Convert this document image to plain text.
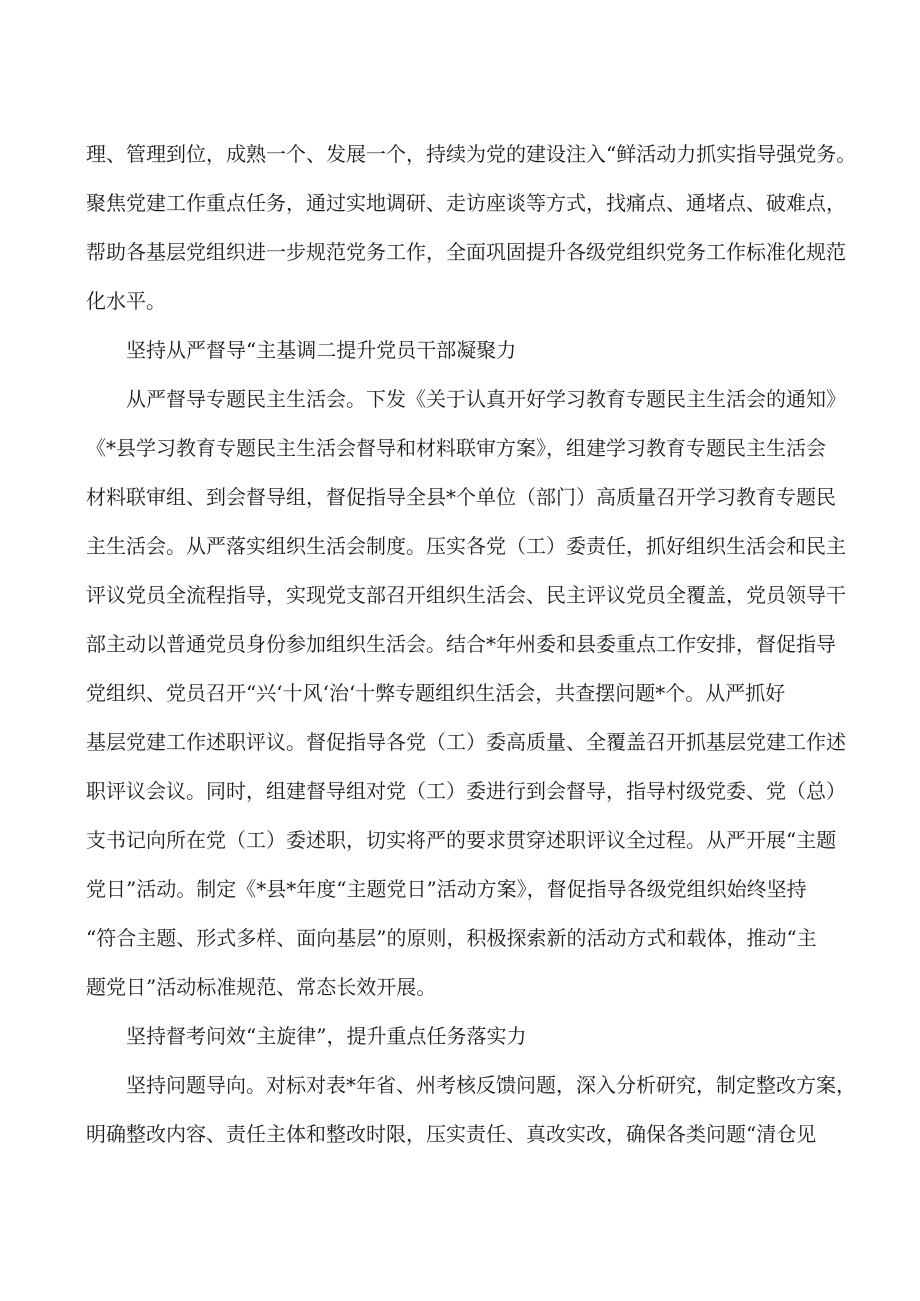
理、管理到位，成熟一个、发展一个，持续为党的建设注入“鲜活动力抓实指导强党务。
聚焦党建工作重点任务，通过实地调研、走访座谈等方式，找痛点、通堵点、破难点，
帮助各基层党组织进一步规范党务工作，全面巩固提升各级党组织党务工作标准化规范
化水平。

坚持从严督导“主基调二提升党员干部凝聚力

从严督导专题民主生活会。下发《关于认真开好学习教育专题民主生活会的通知》
《*县学习教育专题民主生活会督导和材料联审方案》，组建学习教育专题民主生活会
材料联审组、到会督导组，督促指导全县*个单位（部门）高质量召开学习教育专题民
主生活会。从严落实组织生活会制度。压实各党（工）委责任，抓好组织生活会和民主
评议党员全流程指导，实现党支部召开组织生活会、民主评议党员全覆盖，党员领导干
部主动以普通党员身份参加组织生活会。结合*年州委和县委重点工作安排，督促指导
党组织、党员召开“兴‘十风‘治‘十弊专题组织生活会，共查摆问题*个。从严抓好
基层党建工作述职评议。督促指导各党（工）委高质量、全覆盖召开抓基层党建工作述
职评议会议。同时，组建督导组对党（工）委进行到会督导，指导村级党委、党（总）
支书记向所在党（工）委述职，切实将严的要求贯穿述职评议全过程。从严开展“主题
党日”活动。制定《*县*年度“主题党日”活动方案》，督促指导各级党组织始终坚持
“符合主题、形式多样、面向基层”的原则，积极探索新的活动方式和载体，推动“主
题党日”活动标准规范、常态长效开展。

坚持督考问效“主旋律”，提升重点任务落实力

坚持问题导向。对标对表*年省、州考核反馈问题，深入分析研究，制定整改方案，
明确整改内容、责任主体和整改时限，压实责任、真改实改，确保各类问题“清仓见
